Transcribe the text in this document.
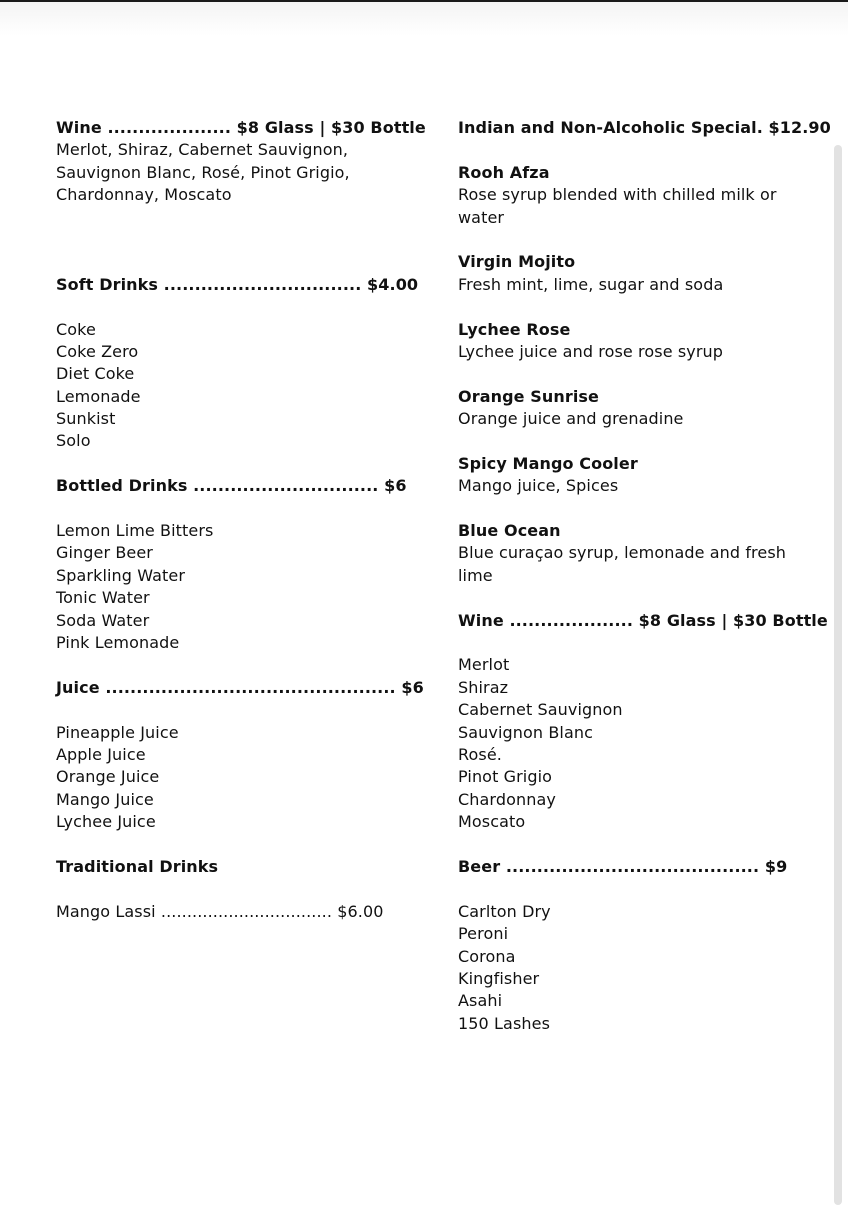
Wine .................... $8 Glass | $30 Bottle
Merlot, Shiraz, Cabernet Sauvignon,
Sauvignon Blanc, Rosé, Pinot Grigio,
Chardonnay, Moscato
Soft Drinks ................................ $4.00
Coke
Coke Zero
Diet Coke
Lemonade
Sunkist
Solo
Bottled Drinks .............................. $6
Lemon Lime Bitters
Ginger Beer
Sparkling Water
Tonic Water
Soda Water
Pink Lemonade
Juice ............................................... $6
Pineapple Juice
Apple Juice
Orange Juice
Mango Juice
Lychee Juice
Traditional Drinks
Mango Lassi ................................. $6.00
Indian and Non-Alcoholic Special. $12.90
Rooh Afza
Rose syrup blended with chilled milk or water
Virgin Mojito
Fresh mint, lime, sugar and soda
Lychee Rose
Lychee juice and rose rose syrup
Orange Sunrise
Orange juice and grenadine
Spicy Mango Cooler
Mango juice, Spices
Blue Ocean
Blue curaçao syrup, lemonade and fresh lime
Wine .................... $8 Glass | $30 Bottle
Merlot
Shiraz
Cabernet Sauvignon
Sauvignon Blanc
Rosé.
Pinot Grigio
Chardonnay
Moscato
Beer ......................................... $9
Carlton Dry
Peroni
Corona
Kingfisher
Asahi
150 Lashes
